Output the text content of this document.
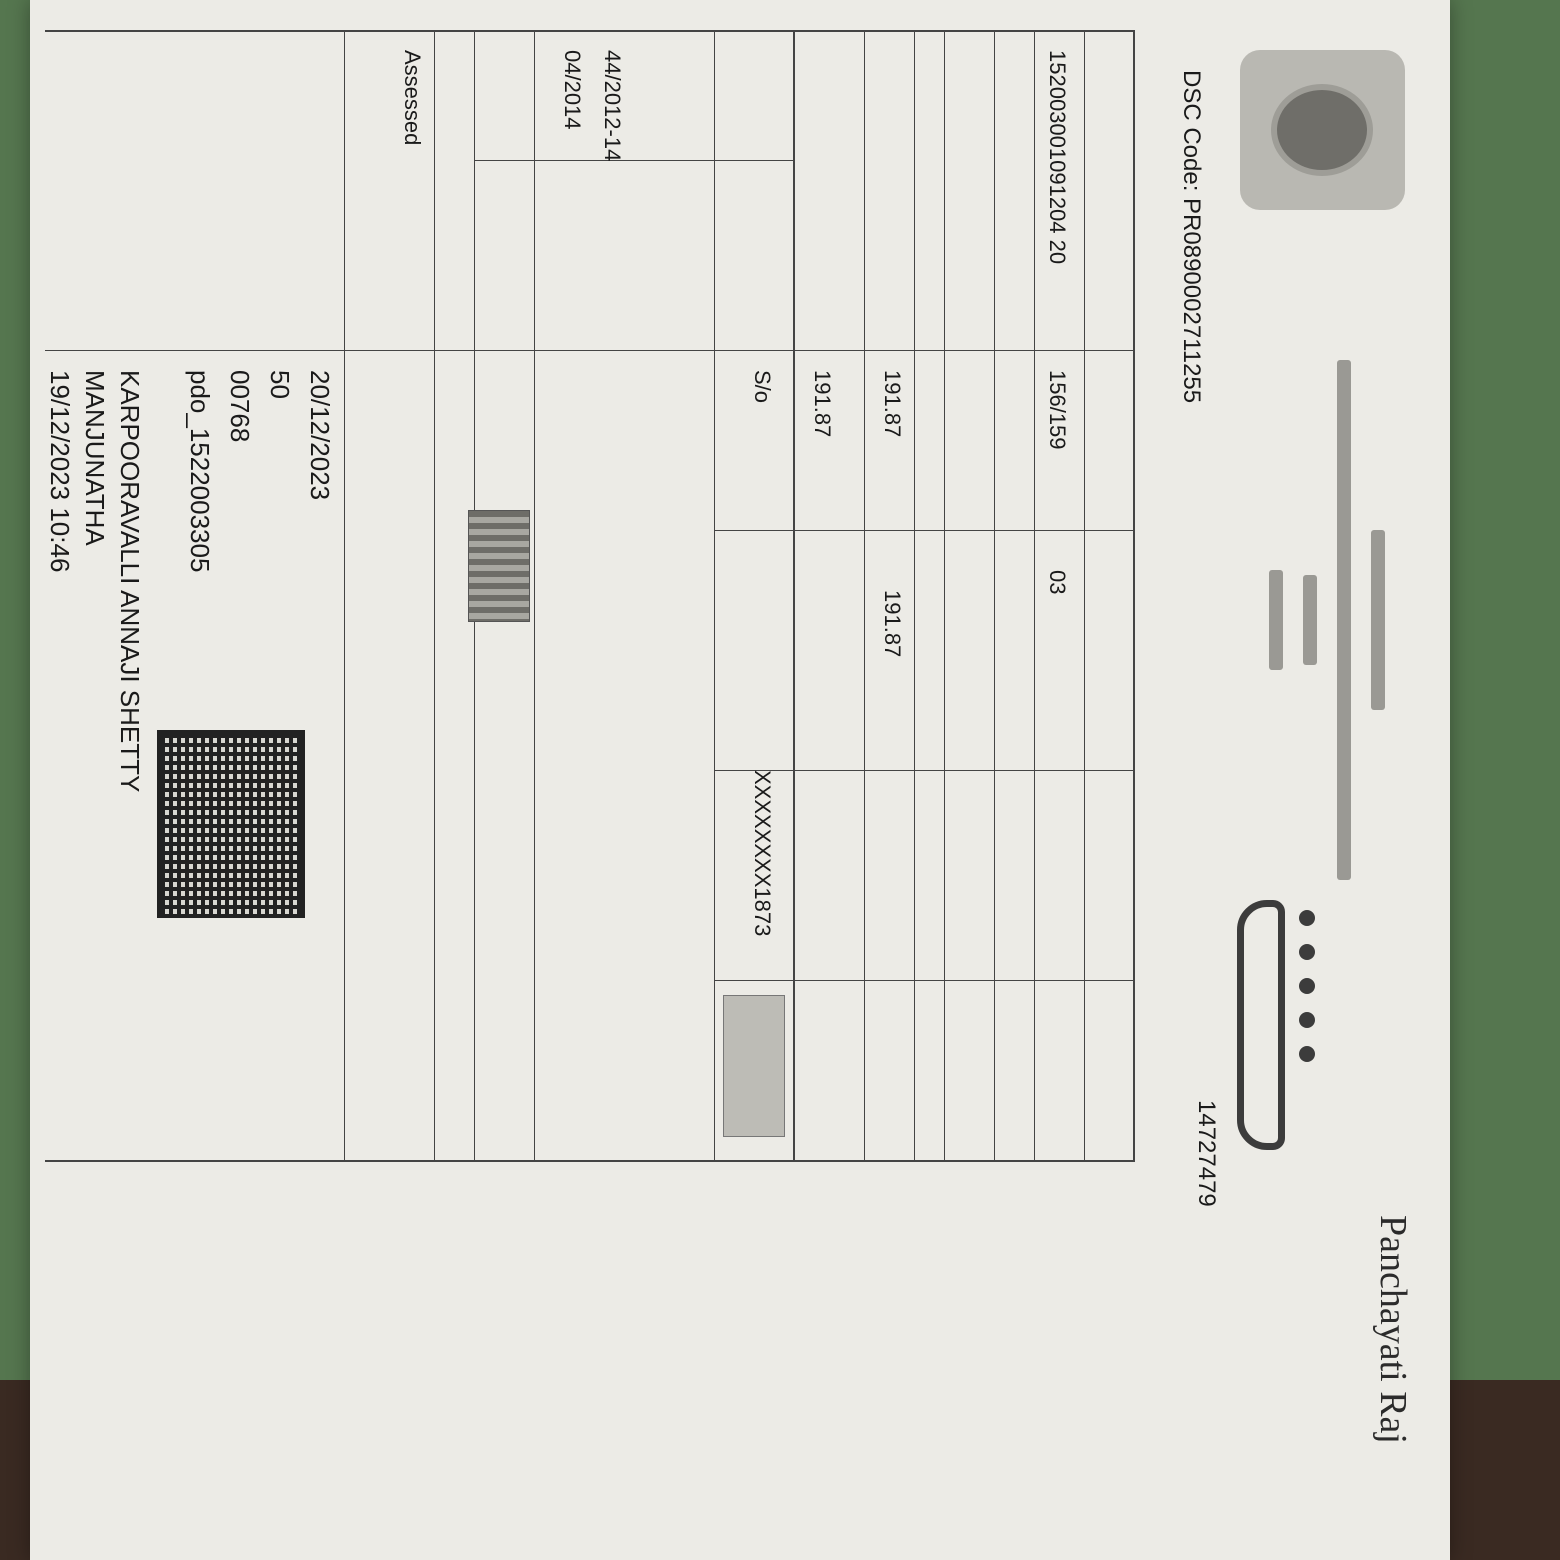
Panchayati Raj
DSC Code: PR0890002711255
14727479
152003001091204 20
156/159
03
191.87
191.87
191.87
S/o
XXXXXXXX1873
44/2012-14
04/2014
Assessed
20/12/2023
50
00768
pdo_1522003305
KARPOORAVALLI ANNAJI SHETTY
MANJUNATHA
19/12/2023 10:46
